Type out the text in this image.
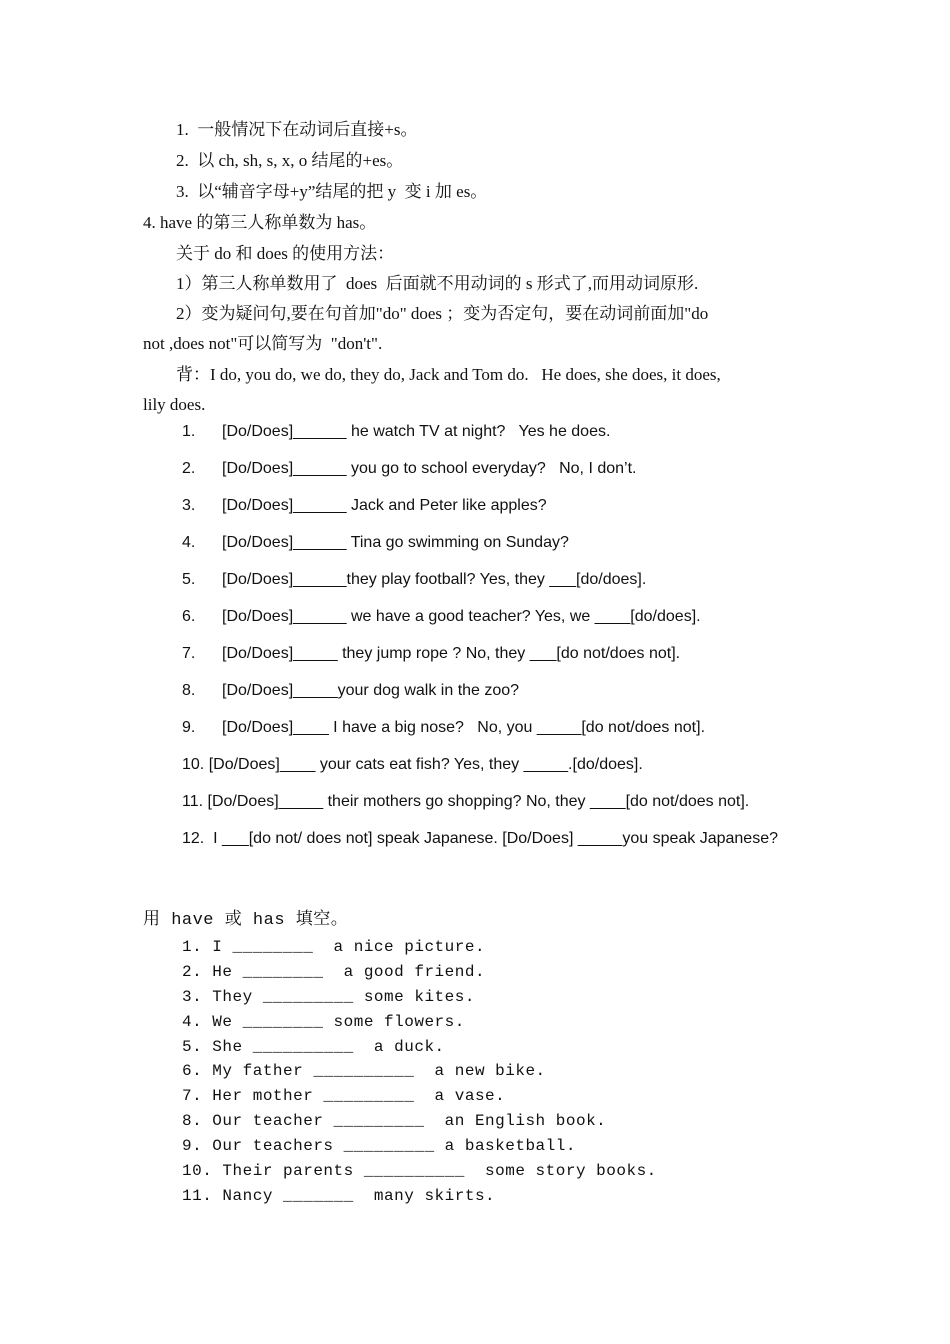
1.  一般情况下在动词后直接+s。
2.  以 ch, sh, s, x, o 结尾的+es。
3.  以“辅音字母+y”结尾的把 y  变 i 加 es。
4. have 的第三人称单数为 has。
关于 do 和 does 的使用方法：
1）第三人称单数用了  does  后面就不用动词的 s 形式了,而用动词原形.
2）变为疑问句,要在句首加"do" does ；变为否定句，要在动词前面加"do
not ,does not"可以简写为  "don't".
背：I do, you do, we do, they do, Jack and Tom do.   He does, she does, it does,
lily does.
1. [Do/Does]______ he watch TV at night?   Yes he does.
2. [Do/Does]______ you go to school everyday?   No, I don’t.
3. [Do/Does]______ Jack and Peter like apples?
4. [Do/Does]______ Tina go swimming on Sunday?
5. [Do/Does]______they play football? Yes, they ___[do/does].
6. [Do/Does]______ we have a good teacher? Yes, we ____[do/does].
7. [Do/Does]_____ they jump rope ? No, they ___[do not/does not].
8. [Do/Does]_____your dog walk in the zoo?
9. [Do/Does]____ I have a big nose?   No, you _____[do not/does not].
10. [Do/Does]____ your cats eat fish? Yes, they _____.[do/does].
11. [Do/Does]_____ their mothers go shopping? No, they ____[do not/does not].
12.  I ___[do not/ does not] speak Japanese. [Do/Does] _____you speak Japanese?
用 have 或 has 填空。
1. I ________  a nice picture.
2. He ________  a good friend.
3. They _________ some kites.
4. We ________ some flowers.
5. She __________  a duck.
6. My father __________  a new bike.
7. Her mother _________  a vase.
8. Our teacher _________  an English book.
9. Our teachers _________ a basketball.
10. Their parents __________  some story books.
11. Nancy _______  many skirts.
